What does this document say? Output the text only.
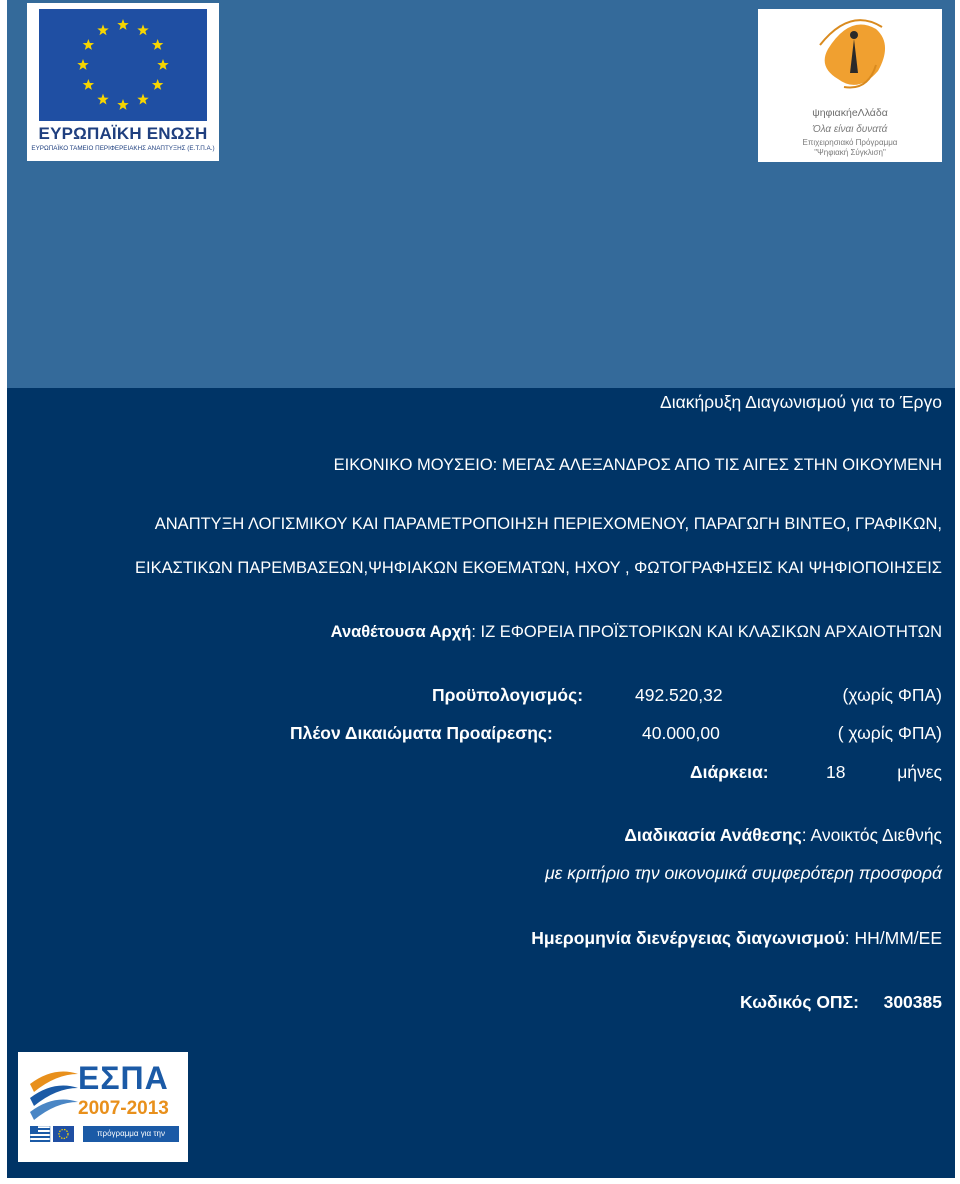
ΕΥΡΩΠΑΪΚΗ ΕΝΩΣΗ
ΕΥΡΩΠΑΪΚΟ ΤΑΜΕΙΟ ΠΕΡΙΦΕΡΕΙΑΚΗΣ ΑΝΑΠΤΥΞΗΣ (Ε.Τ.Π.Α.)
ψηφιακήeΛλάδα
Όλα είναι δυνατά
Επιχειρησιακό Πρόγραμμα
"Ψηφιακή Σύγκλιση"
Διακήρυξη Διαγωνισμού για το Έργο
ΕΙΚΟΝΙΚΟ ΜΟΥΣΕΙΟ: ΜΕΓΑΣ ΑΛΕΞΑΝΔΡΟΣ ΑΠΟ ΤΙΣ ΑΙΓΕΣ ΣΤΗΝ ΟΙΚΟΥΜΕΝΗ
ΑΝΑΠΤΥΞΗ ΛΟΓΙΣΜΙΚΟΥ ΚΑΙ ΠΑΡΑΜΕΤΡΟΠΟΙΗΣΗ ΠΕΡΙΕΧΟΜΕΝΟΥ, ΠΑΡΑΓΩΓΗ ΒΙΝΤΕΟ, ΓΡΑΦΙΚΩΝ,
ΕΙΚΑΣΤΙΚΩΝ ΠΑΡΕΜΒΑΣΕΩΝ,ΨΗΦΙΑΚΩΝ ΕΚΘΕΜΑΤΩΝ, ΗΧΟΥ , ΦΩΤΟΓΡΑΦΗΣΕΙΣ ΚΑΙ ΨΗΦΙΟΠΟΙΗΣΕΙΣ
Αναθέτουσα Αρχή: ΙΖ ΕΦΟΡΕΙΑ ΠΡΟΪΣΤΟΡΙΚΩΝ ΚΑΙ ΚΛΑΣΙΚΩΝ ΑΡΧΑΙΟΤΗΤΩΝ
Προϋπολογισμός:	492.520,32	(χωρίς ΦΠΑ)
Πλέον Δικαιώματα Προαίρεσης:	40.000,00	( χωρίς ΦΠΑ)
Διάρκεια:	18	μήνες
Διαδικασία Ανάθεσης: Ανοικτός Διεθνής
με κριτήριο την οικονομικά συμφερότερη προσφορά
Ημερομηνία διενέργειας διαγωνισμού: ΗΗ/ΜΜ/ΕΕ
Κωδικός ΟΠΣ: 300385
ΕΣΠΑ
2007-2013
πρόγραμμα για την ανάπτυξη
